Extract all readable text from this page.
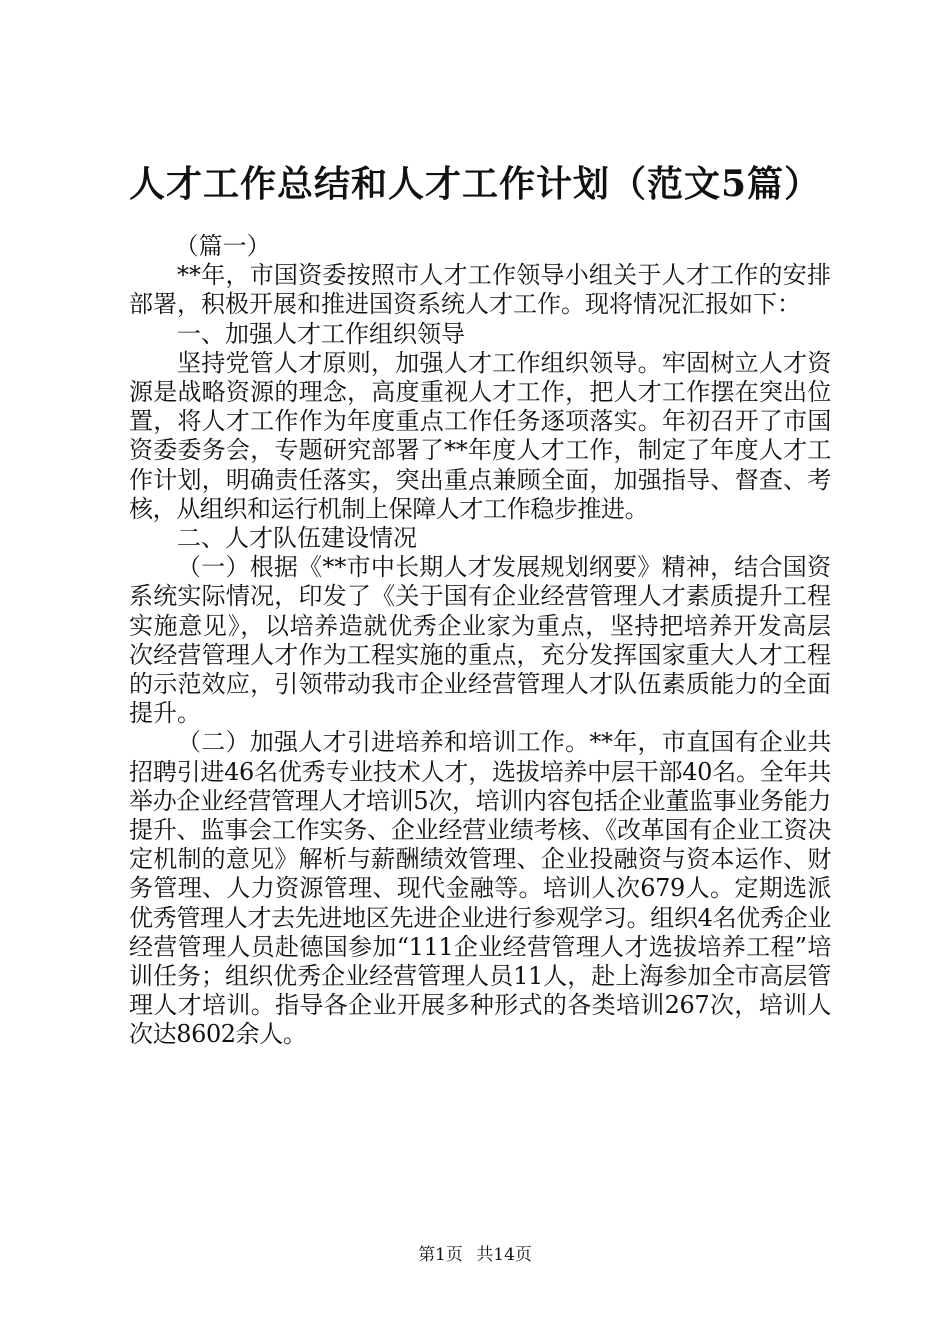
人才工作总结和人才工作计划（范文5篇）

（篇一）

**年，市国资委按照市人才工作领导小组关于人才工作的安排部署，积极开展和推进国资系统人才工作。现将情况汇报如下：

一、加强人才工作组织领导

坚持党管人才原则，加强人才工作组织领导。牢固树立人才资源是战略资源的理念，高度重视人才工作，把人才工作摆在突出位置，将人才工作作为年度重点工作任务逐项落实。年初召开了市国资委委务会，专题研究部署了**年度人才工作，制定了年度人才工作计划，明确责任落实，突出重点兼顾全面，加强指导、督查、考核，从组织和运行机制上保障人才工作稳步推进。

二、人才队伍建设情况

（一）根据《**市中长期人才发展规划纲要》精神，结合国资系统实际情况，印发了《关于国有企业经营管理人才素质提升工程实施意见》，以培养造就优秀企业家为重点，坚持把培养开发高层次经营管理人才作为工程实施的重点，充分发挥国家重大人才工程的示范效应，引领带动我市企业经营管理人才队伍素质能力的全面提升。

（二）加强人才引进培养和培训工作。**年，市直国有企业共招聘引进46名优秀专业技术人才，选拔培养中层干部40名。全年共举办企业经营管理人才培训5次，培训内容包括企业董监事业务能力提升、监事会工作实务、企业经营业绩考核、《改革国有企业工资决定机制的意见》解析与薪酬绩效管理、企业投融资与资本运作、财务管理、人力资源管理、现代金融等。培训人次679人。定期选派优秀管理人才去先进地区先进企业进行参观学习。组织4名优秀企业经营管理人员赴德国参加“111企业经营管理人才选拔培养工程”培训任务；组织优秀企业经营管理人员11人，赴上海参加全市高层管理人才培训。指导各企业开展多种形式的各类培训267次，培训人次达8602余人。

第1页 共14页
